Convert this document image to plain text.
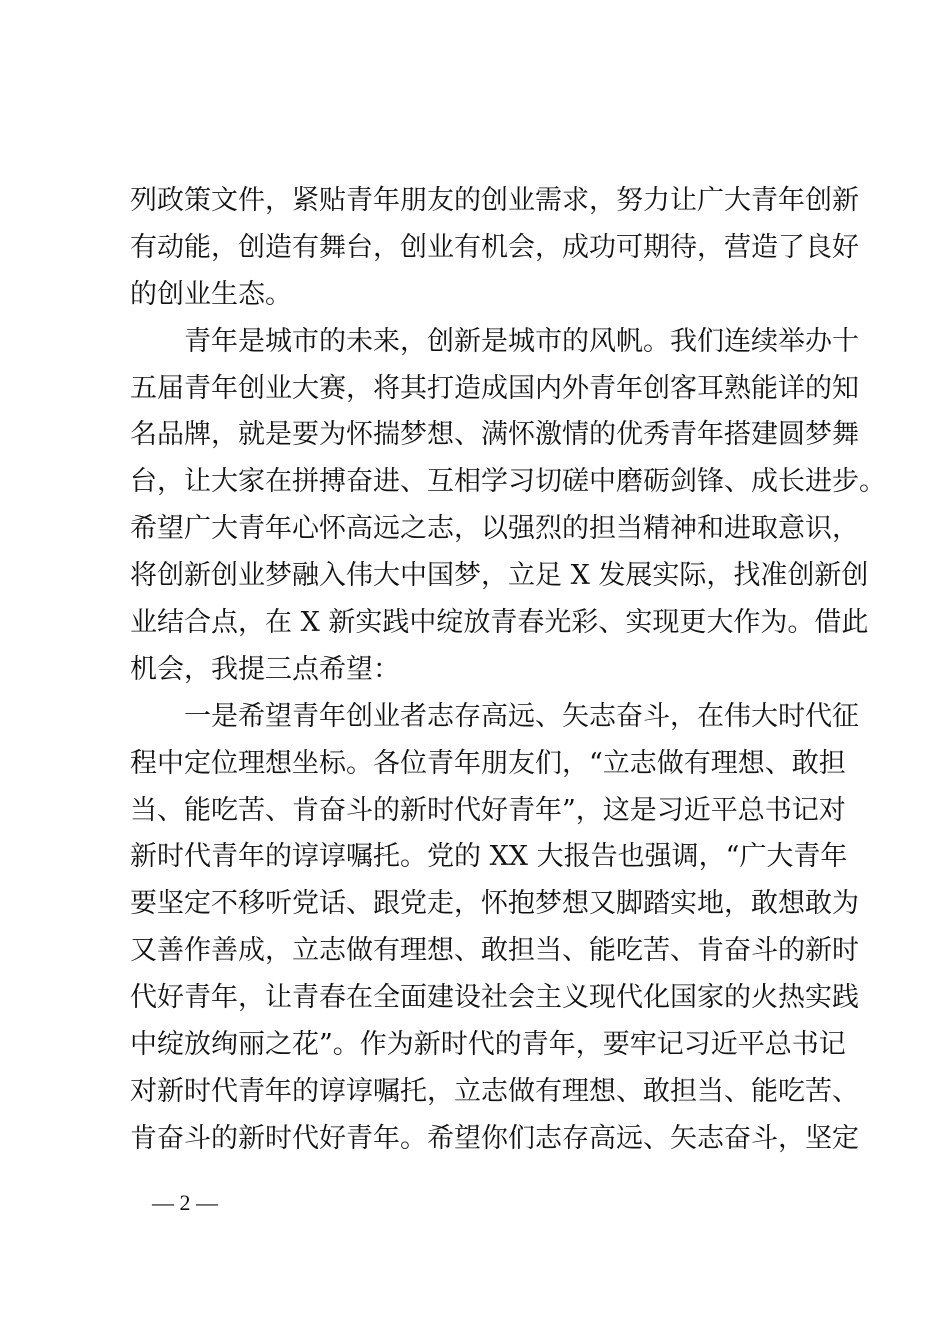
列政策文件，紧贴青年朋友的创业需求，努力让广大青年创新
有动能，创造有舞台，创业有机会，成功可期待，营造了良好
的创业生态。
　　青年是城市的未来，创新是城市的风帆。我们连续举办十
五届青年创业大赛，将其打造成国内外青年创客耳熟能详的知
名品牌，就是要为怀揣梦想、满怀激情的优秀青年搭建圆梦舞
台，让大家在拼搏奋进、互相学习切磋中磨砺剑锋、成长进步。
希望广大青年心怀高远之志，以强烈的担当精神和进取意识，
将创新创业梦融入伟大中国梦，立足 X 发展实际，找准创新创
业结合点，在 X 新实践中绽放青春光彩、实现更大作为。借此
机会，我提三点希望：
　　一是希望青年创业者志存高远、矢志奋斗，在伟大时代征
程中定位理想坐标。各位青年朋友们，“立志做有理想、敢担
当、能吃苦、肯奋斗的新时代好青年”，这是习近平总书记对
新时代青年的谆谆嘱托。党的 XX 大报告也强调，“广大青年
要坚定不移听党话、跟党走，怀抱梦想又脚踏实地，敢想敢为
又善作善成，立志做有理想、敢担当、能吃苦、肯奋斗的新时
代好青年，让青春在全面建设社会主义现代化国家的火热实践
中绽放绚丽之花”。作为新时代的青年，要牢记习近平总书记
对新时代青年的谆谆嘱托，立志做有理想、敢担当、能吃苦、
肯奋斗的新时代好青年。希望你们志存高远、矢志奋斗，坚定
— 2 —
